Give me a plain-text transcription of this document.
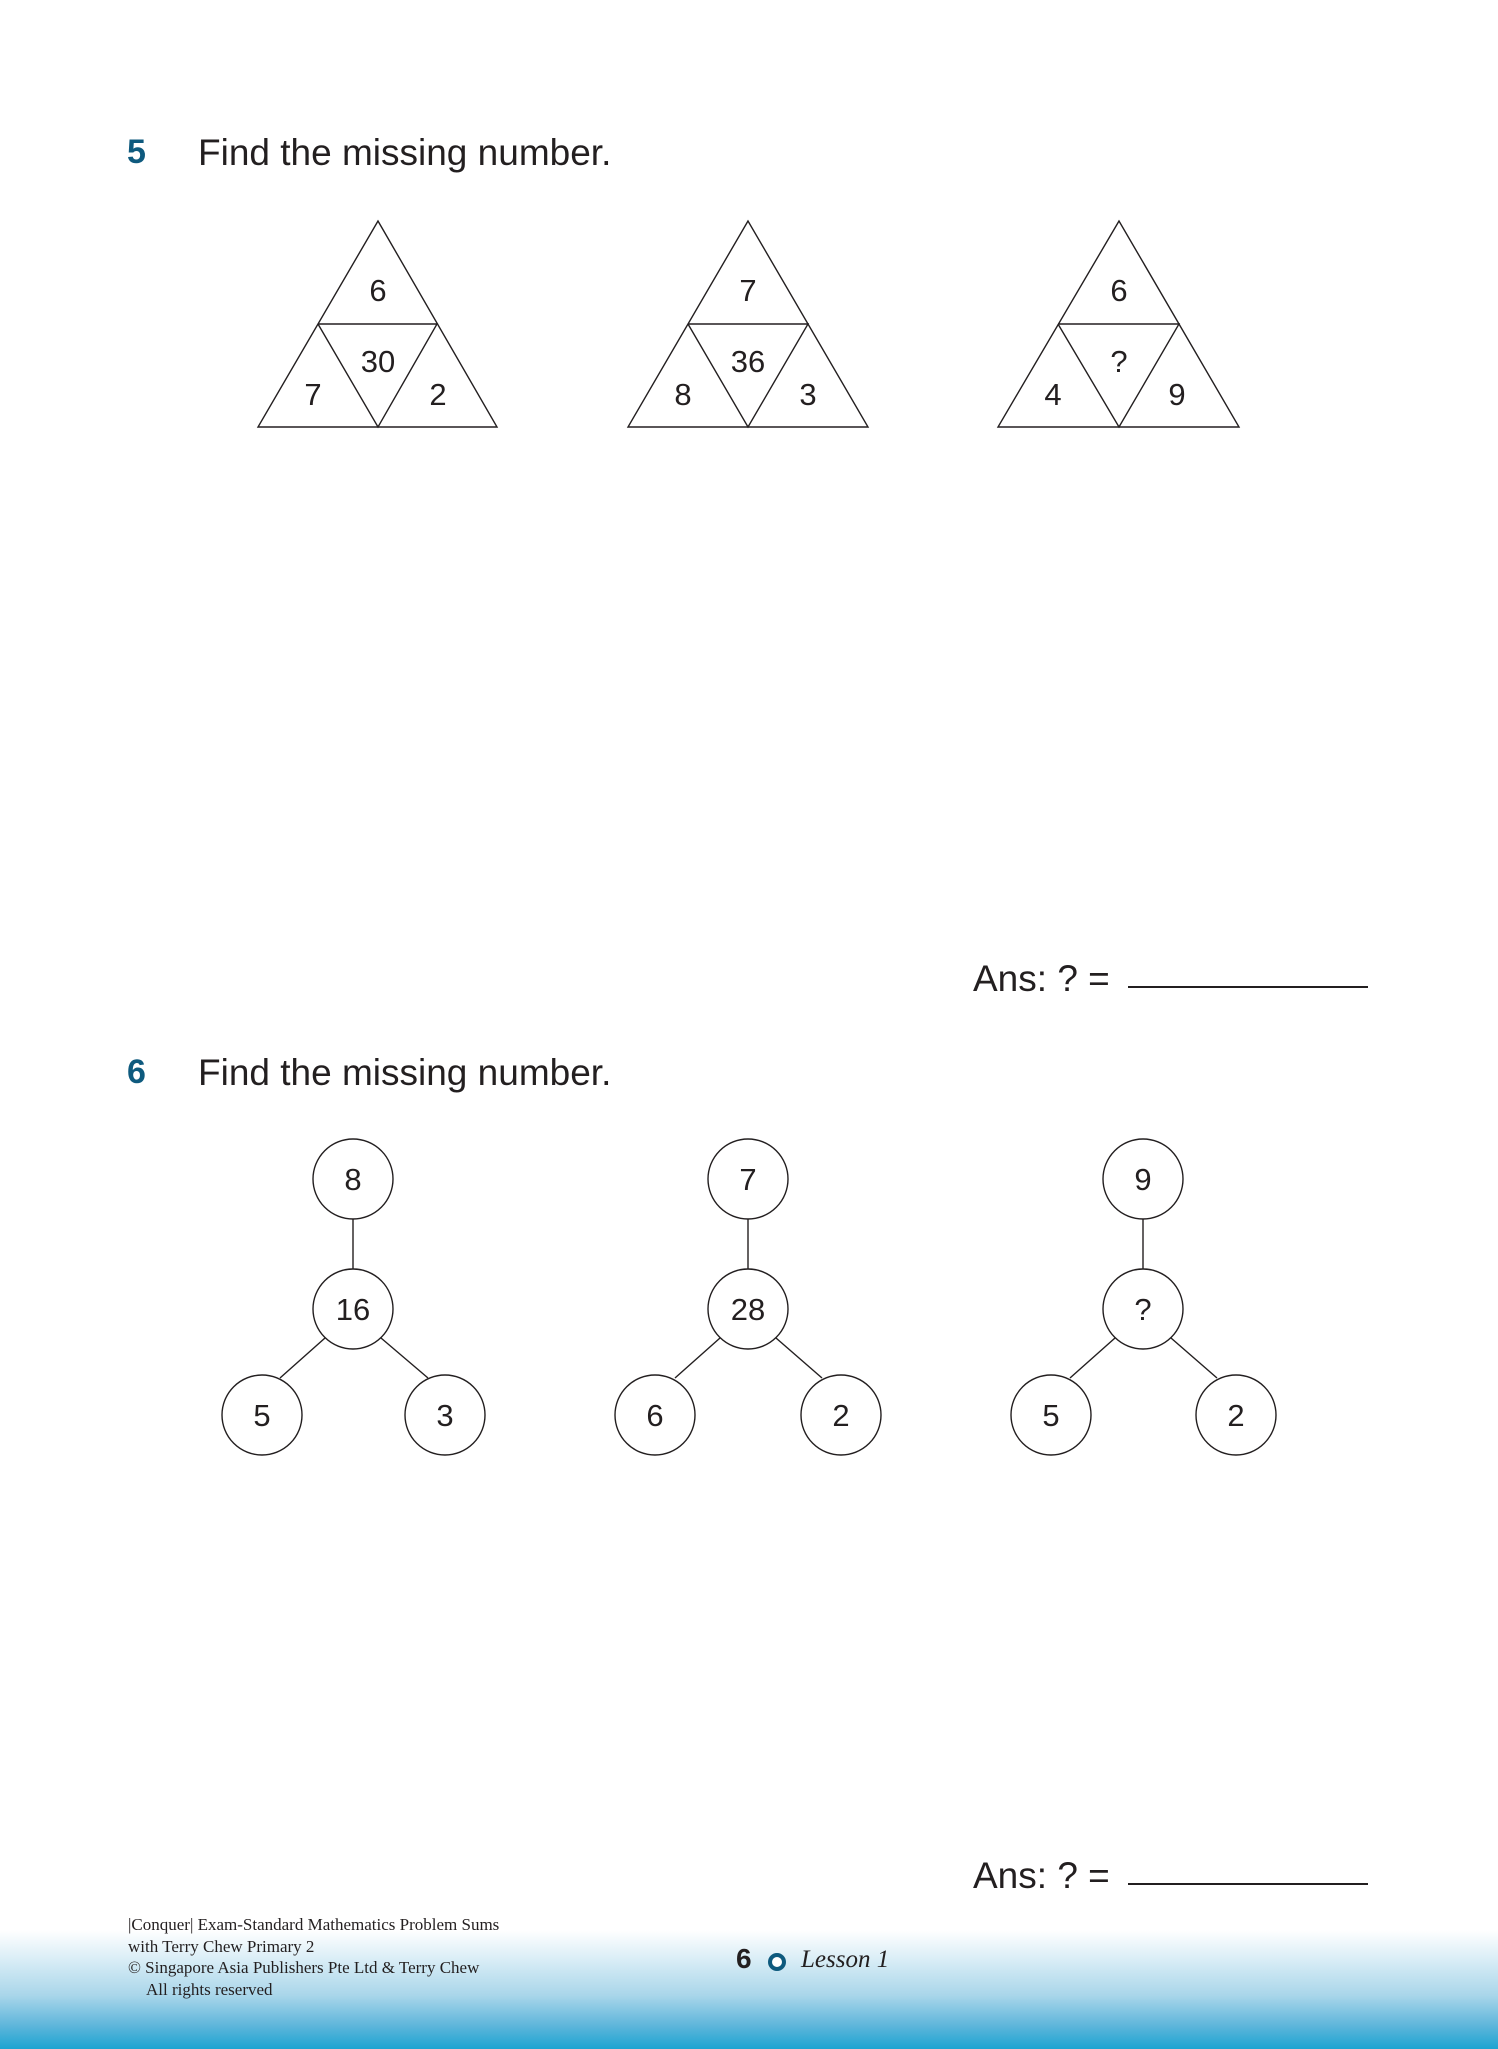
5 Find the missing number.
6
30
7	2
7
36
8	3
6
?
4	9
8
16
5	3
7
28
6	2
9
?
5	2
Ans: ? =
6 Find the missing number.
Ans: ? =
|Conquer| Exam-Standard Mathematics Problem Sums
with Terry Chew Primary 2
© Singapore Asia Publishers Pte Ltd & Terry Chew
All rights reserved
6 Lesson 1
